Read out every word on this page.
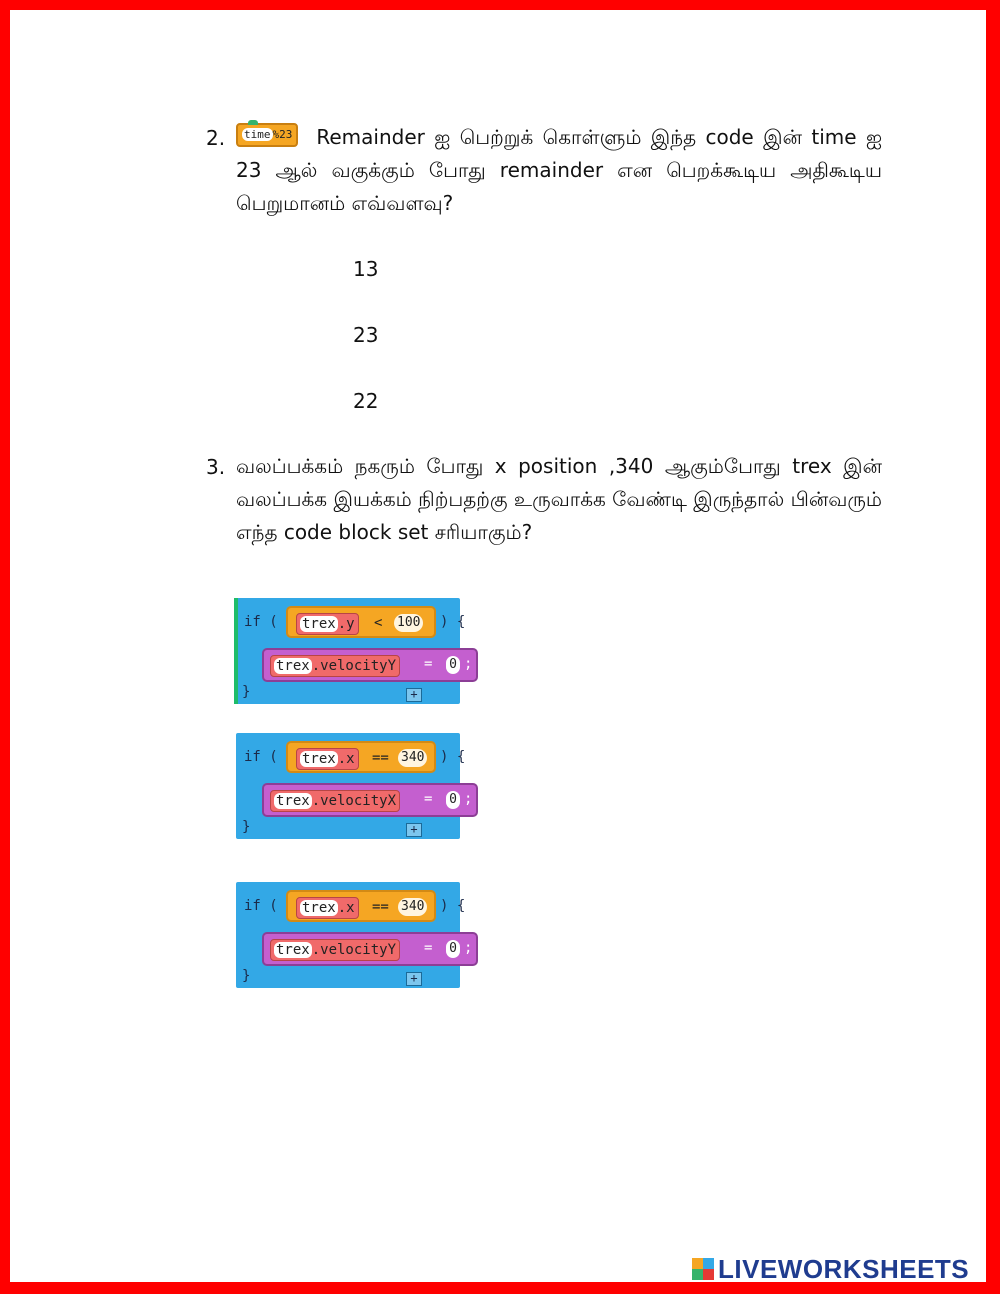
2.	time %23 Remainder ஐ பெற்றுக் கொள்ளும் இந்த code இன் time ஐ 23 ஆல் வகுக்கும் போது remainder என பெறக்கூடிய அதிகூடிய பெறுமானம் எவ்வளவு?
13
23
22
3. வலப்பக்கம் நகரும் போது x position ,340 ஆகும்போது trex இன் வலப்பக்க இயக்கம் நிற்பதற்கு உருவாக்க வேண்டி இருந்தால் பின்வரும் எந்த code block set சரியாகும்?
if (	trex .y < 100 ) {
trex .velocityY = 0 ;
}	+
if (	trex .x == 340 ) {
trex .velocityX = 0 ;
}	+
if (	trex .x == 340 ) {
trex .velocityY = 0 ;
}	+
LIVEWORKSHEETS
